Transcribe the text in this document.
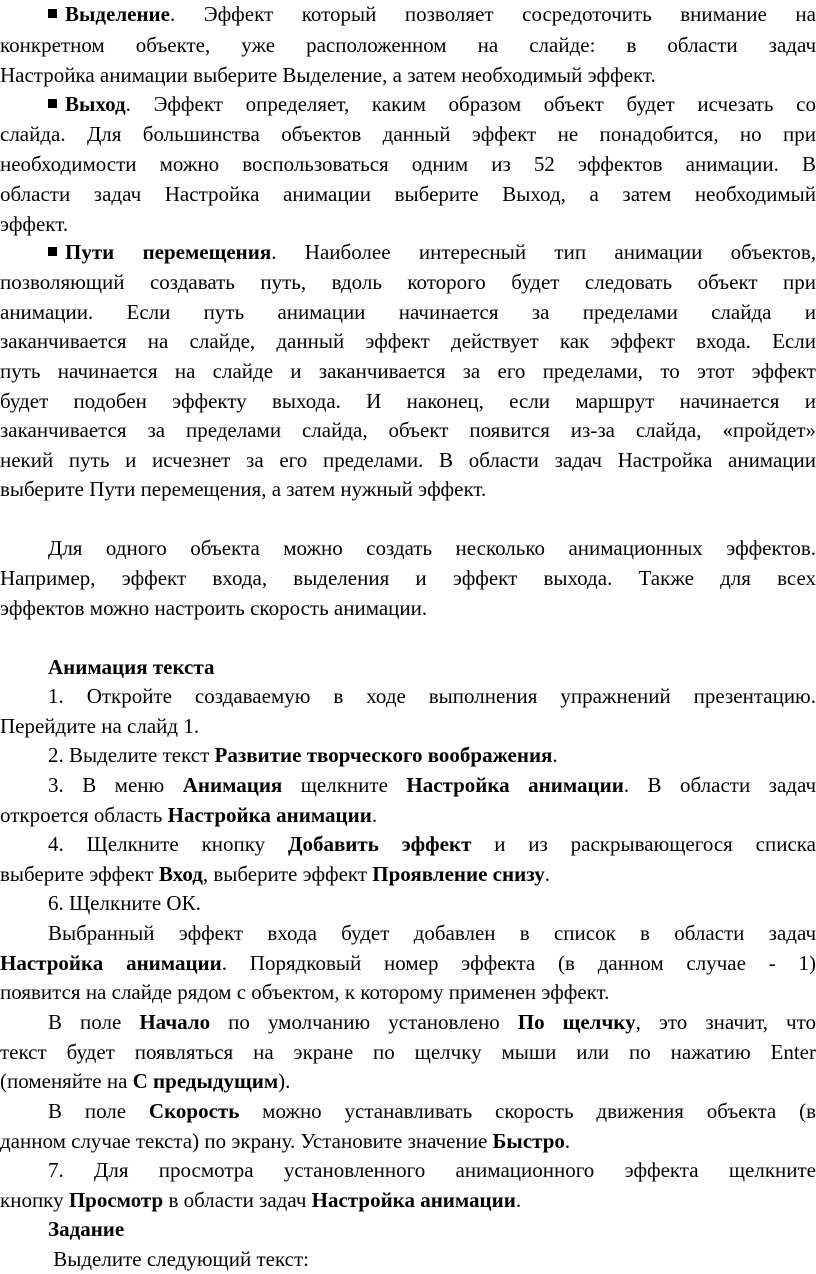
Выделение. Эффект который позволяет сосредоточить внимание на
конкретном объекте, уже расположенном на слайде: в области задач
Настройка анимации выберите Выделение, а затем необходимый эффект.
Выход. Эффект определяет, каким образом объект будет исчезать со
слайда. Для большинства объектов данный эффект не понадобится, но при
необходимости можно воспользоваться одним из 52 эффектов анимации. В
области задач Настройка анимации выберите Выход, а затем необходимый
эффект.
Пути перемещения. Наиболее интересный тип анимации объектов,
позволяющий создавать путь, вдоль которого будет следовать объект при
анимации. Если путь анимации начинается за пределами слайда и
заканчивается на слайде, данный эффект действует как эффект входа. Если
путь начинается на слайде и заканчивается за его пределами, то этот эффект
будет подобен эффекту выхода. И наконец, если маршрут начинается и
заканчивается за пределами слайда, объект появится из-за слайда, «пройдет»
некий путь и исчезнет за его пределами. В области задач Настройка анимации
выберите Пути перемещения, а затем нужный эффект.
Для одного объекта можно создать несколько анимационных эффектов.
Например, эффект входа, выделения и эффект выхода. Также для всех
эффектов можно настроить скорость анимации.
Анимация текста
1. Откройте создаваемую в ходе выполнения упражнений презентацию.
Перейдите на слайд 1.
2. Выделите текст Развитие творческого воображения.
3. В меню Анимация щелкните Настройка анимации. В области задач
откроется область Настройка анимации.
4. Щелкните кнопку Добавить эффект и из раскрывающегося списка
выберите эффект Вход, выберите эффект Проявление снизу.
6. Щелкните ОК.
Выбранный эффект входа будет добавлен в список в области задач
Настройка анимации. Порядковый номер эффекта (в данном случае - 1)
появится на слайде рядом с объектом, к которому применен эффект.
В поле Начало по умолчанию установлено По щелчку, это значит, что
текст будет появляться на экране по щелчку мыши или по нажатию Enter
(поменяйте на С предыдущим).
В поле Скорость можно устанавливать скорость движения объекта (в
данном случае текста) по экрану. Установите значение Быстро.
7. Для просмотра установленного анимационного эффекта щелкните
кнопку Просмотр в области задач Настройка анимации.
Задание
Выделите следующий текст:
